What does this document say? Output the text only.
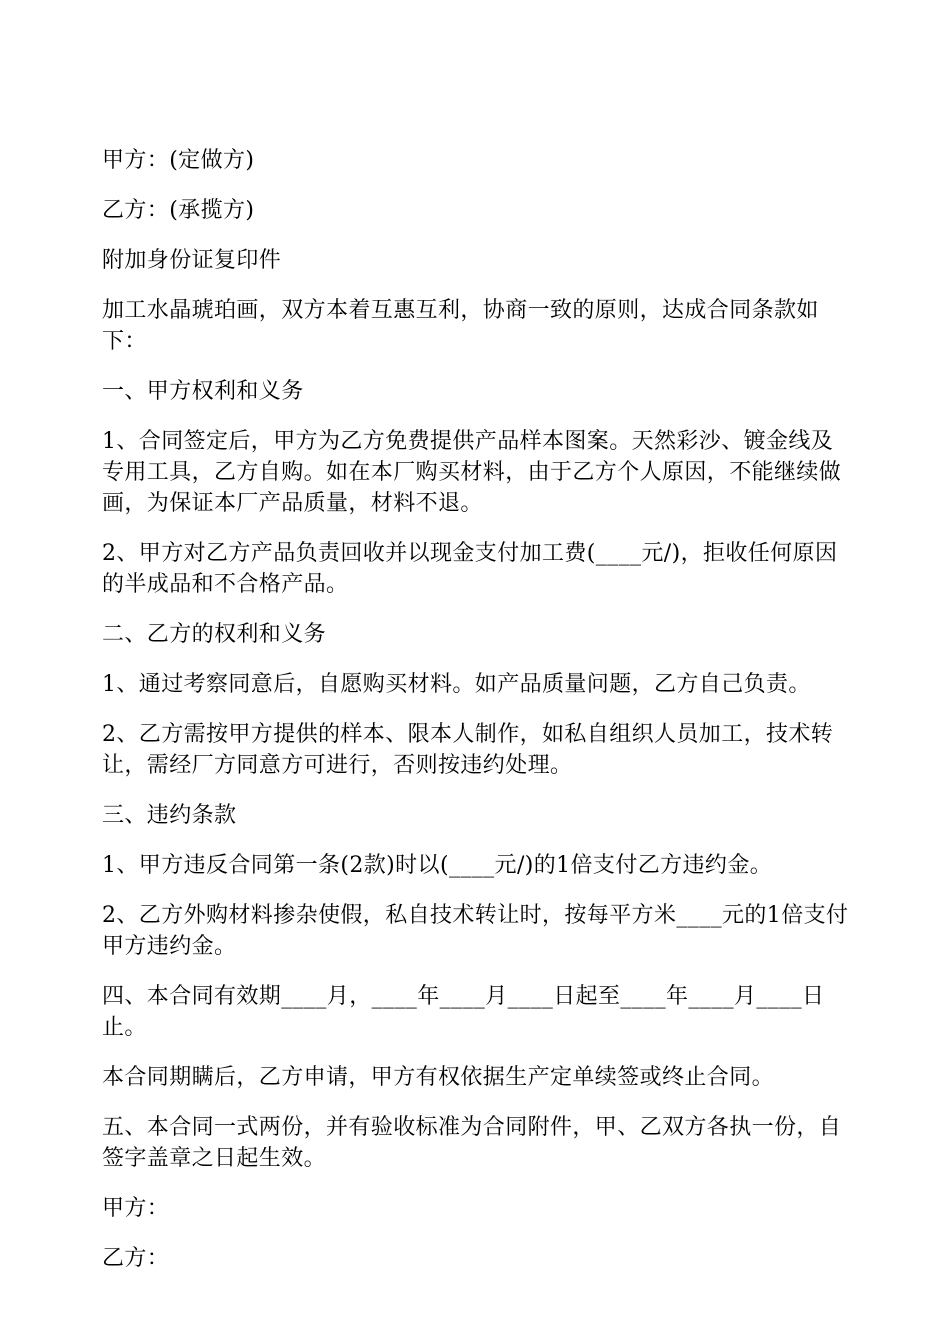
甲方：(定做方)

乙方：(承揽方)

附加身份证复印件

加工水晶琥珀画，双方本着互惠互利，协商一致的原则，达成合同条款如下：

一、甲方权利和义务

1、合同签定后，甲方为乙方免费提供产品样本图案。天然彩沙、镀金线及专用工具，乙方自购。如在本厂购买材料，由于乙方个人原因，不能继续做画，为保证本厂产品质量，材料不退。

2、甲方对乙方产品负责回收并以现金支付加工费(____元/)，拒收任何原因的半成品和不合格产品。

二、乙方的权利和义务

1、通过考察同意后，自愿购买材料。如产品质量问题，乙方自己负责。

2、乙方需按甲方提供的样本、限本人制作，如私自组织人员加工，技术转让，需经厂方同意方可进行，否则按违约处理。

三、违约条款

1、甲方违反合同第一条(2款)时以(____元/)的1倍支付乙方违约金。

2、乙方外购材料掺杂使假，私自技术转让时，按每平方米____元的1倍支付甲方违约金。

四、本合同有效期____月，____年____月____日起至____年____月____日止。

本合同期瞒后，乙方申请，甲方有权依据生产定单续签或终止合同。

五、本合同一式两份，并有验收标准为合同附件，甲、乙双方各执一份，自签字盖章之日起生效。

甲方：

乙方：
